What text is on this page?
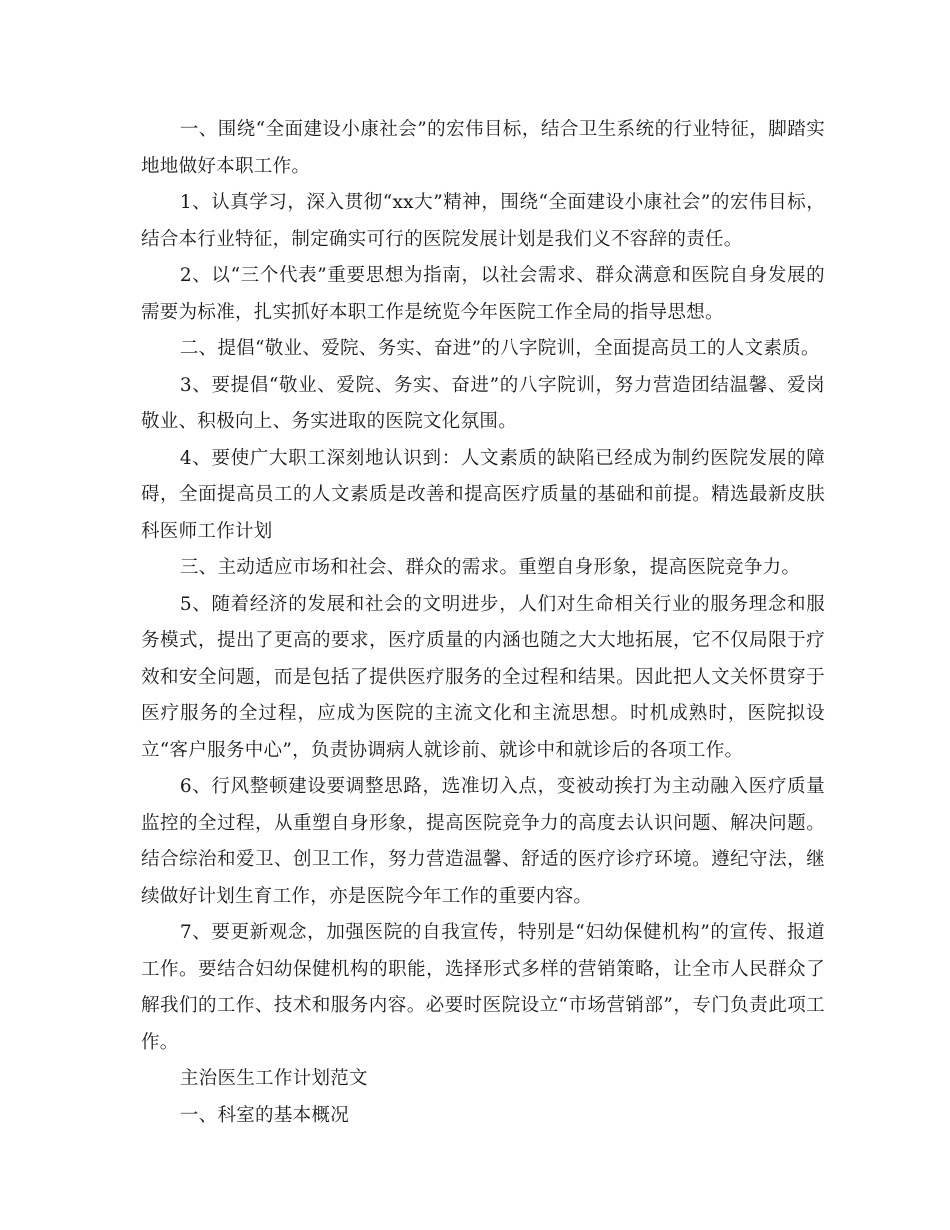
一、围绕“全面建设小康社会”的宏伟目标，结合卫生系统的行业特征，脚踏实地地做好本职工作。

1、认真学习，深入贯彻“xx大”精神，围绕“全面建设小康社会”的宏伟目标，结合本行业特征，制定确实可行的医院发展计划是我们义不容辞的责任。

2、以“三个代表”重要思想为指南，以社会需求、群众满意和医院自身发展的需要为标准，扎实抓好本职工作是统览今年医院工作全局的指导思想。

二、提倡“敬业、爱院、务实、奋进”的八字院训，全面提高员工的人文素质。

3、要提倡“敬业、爱院、务实、奋进”的八字院训，努力营造团结温馨、爱岗敬业、积极向上、务实进取的医院文化氛围。

4、要使广大职工深刻地认识到：人文素质的缺陷已经成为制约医院发展的障碍，全面提高员工的人文素质是改善和提高医疗质量的基础和前提。精选最新皮肤科医师工作计划

三、主动适应市场和社会、群众的需求。重塑自身形象，提高医院竞争力。

5、随着经济的发展和社会的文明进步，人们对生命相关行业的服务理念和服务模式，提出了更高的要求，医疗质量的内涵也随之大大地拓展，它不仅局限于疗效和安全问题，而是包括了提供医疗服务的全过程和结果。因此把人文关怀贯穿于医疗服务的全过程，应成为医院的主流文化和主流思想。时机成熟时，医院拟设立“客户服务中心”，负责协调病人就诊前、就诊中和就诊后的各项工作。

6、行风整顿建设要调整思路，选准切入点，变被动挨打为主动融入医疗质量监控的全过程，从重塑自身形象，提高医院竞争力的高度去认识问题、解决问题。结合综治和爱卫、创卫工作，努力营造温馨、舒适的医疗诊疗环境。遵纪守法，继续做好计划生育工作，亦是医院今年工作的重要内容。

7、要更新观念，加强医院的自我宣传，特别是“妇幼保健机构”的宣传、报道工作。要结合妇幼保健机构的职能，选择形式多样的营销策略，让全市人民群众了解我们的工作、技术和服务内容。必要时医院设立“市场营销部”，专门负责此项工作。

主治医生工作计划范文

一、科室的基本概况
